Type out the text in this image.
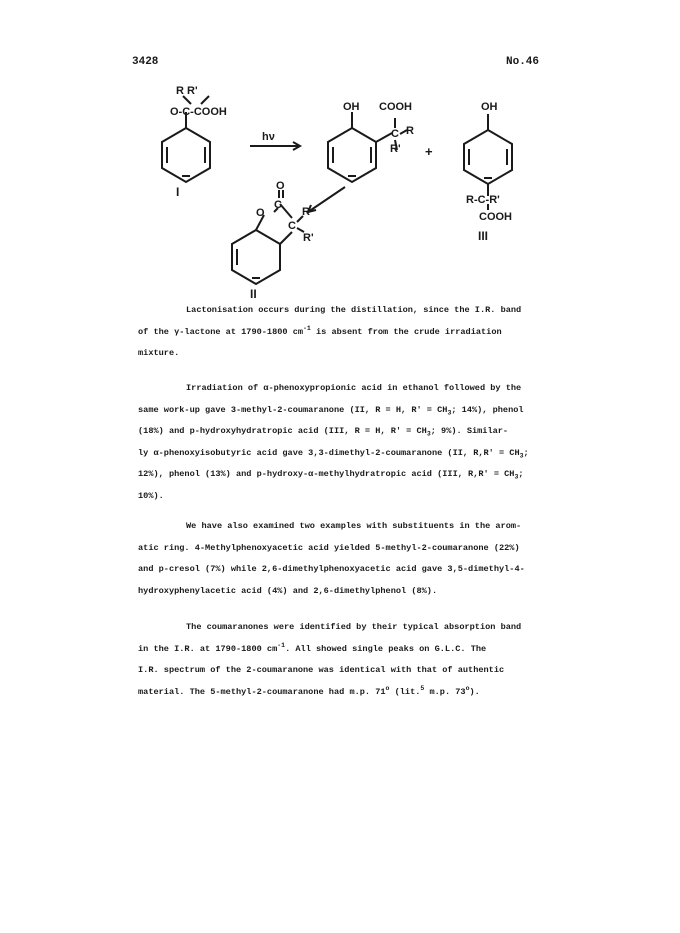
3428	No.46
R R'
O-C-COOH
I
hν
OH COOH
C R
R' +
OH
R-C-R'
COOH
III
O
C
O
C
R
R'
II

Lactonisation occurs during the distillation, since the I.R. band
of the γ-lactone at 1790-1800 $cm^{-1}$ is absent from the crude irradiation
mixture.

Irradiation of α-phenoxypropionic acid in ethanol followed by the
same work-up gave 3-methyl-2-coumaranone (II, R = H, $R' = CH_3$; 14%), phenol
(18%) and p-hydroxyhydratropic acid (III, R = H, $R' = CH_3$; 9%). Similar-
ly α-phenoxyisobutyric acid gave 3,3-dimethyl-2-coumaranone (II, $R,R' = CH_3$;
12%), phenol (13%) and p-hydroxy-α-methylhydratropic acid (III, $R,R' = CH_3$;
10%).

We have also examined two examples with substituents in the arom-
atic ring. 4-Methylphenoxyacetic acid yielded 5-methyl-2-coumaranone (22%)
and p-cresol (7%) while 2,6-dimethylphenoxyacetic acid gave 3,5-dimethyl-4-
hydroxyphenylacetic acid (4%) and 2,6-dimethylphenol (8%).

The coumaranones were identified by their typical absorption band
in the I.R. at 1790-1800 $cm^{-1}$. All showed single peaks on G.L.C. The
I.R. spectrum of the 2-coumaranone was identical with that of authentic
material. The 5-methyl-2-coumaranone had m.p. 71$^o$ (lit.$^5$ m.p. 73$^o$).
